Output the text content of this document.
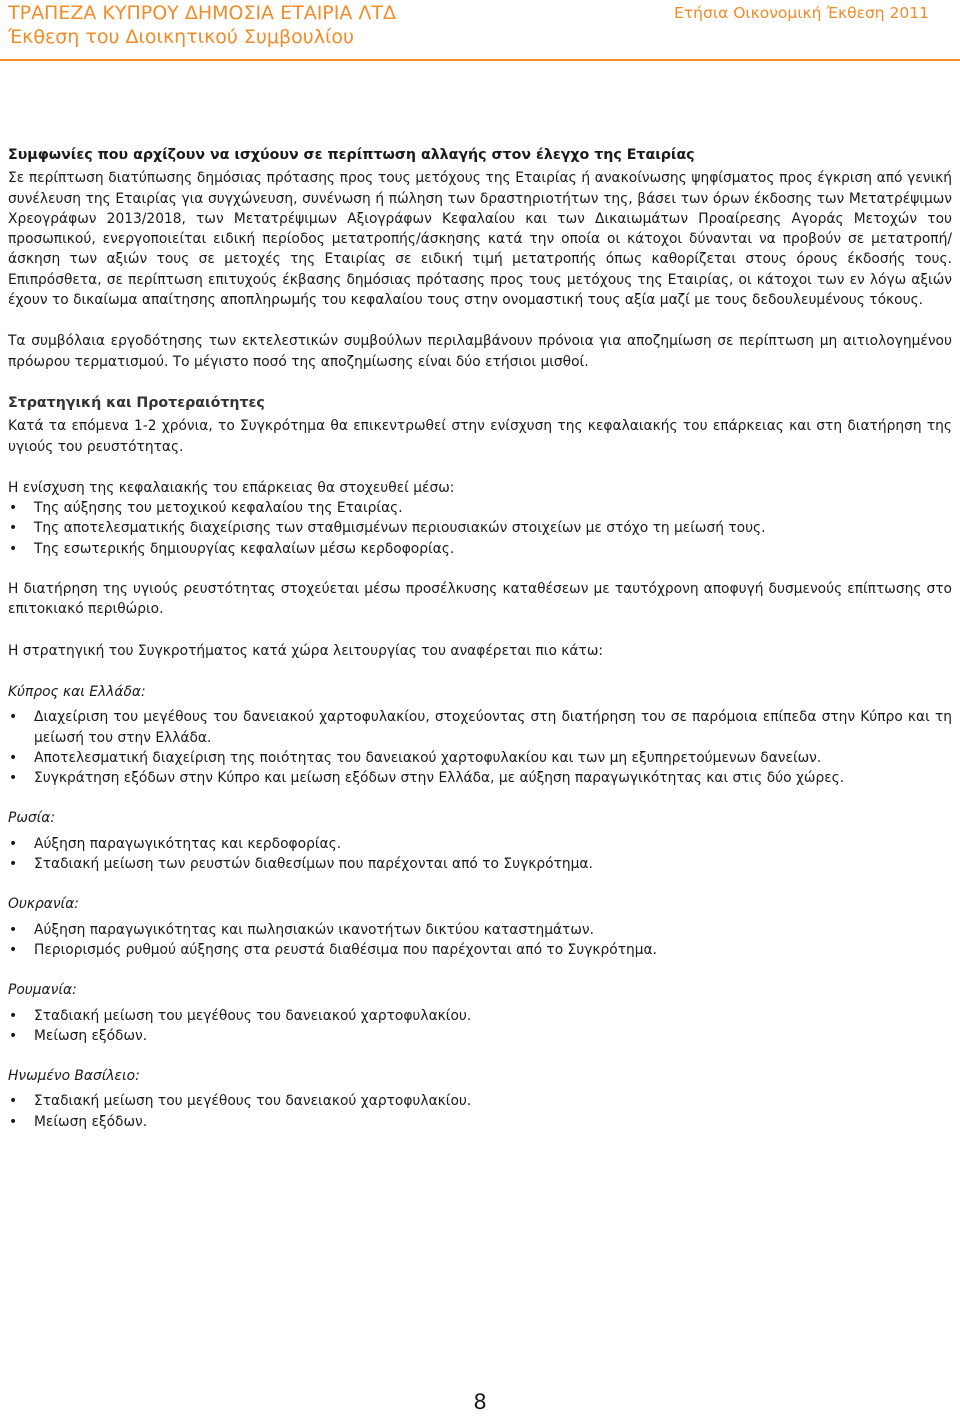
ΤΡΑΠΕΖΑ ΚΥΠΡΟΥ ΔΗΜΟΣΙΑ ΕΤΑΙΡΙΑ ΛΤΔ
Έκθεση του Διοικητικού Συμβουλίου
Ετήσια Οικονομική Έκθεση 2011
Συμφωνίες που αρχίζουν να ισχύουν σε περίπτωση αλλαγής στον έλεγχο της Εταιρίας

Σε περίπτωση διατύπωσης δημόσιας πρότασης προς τους μετόχους της Εταιρίας ή ανακοίνωσης ψηφίσματος προς έγκριση από γενική συνέλευση της Εταιρίας για συγχώνευση, συνένωση ή πώληση των δραστηριοτήτων της, βάσει των όρων έκδοσης των Μετατρέψιμων Χρεογράφων 2013/2018, των Μετατρέψιμων Αξιογράφων Κεφαλαίου και των Δικαιωμάτων Προαίρεσης Αγοράς Μετοχών του προσωπικού, ενεργοποιείται ειδική περίοδος μετατροπής/άσκησης κατά την οποία οι κάτοχοι δύνανται να προβούν σε μετατροπή/άσκηση των αξιών τους σε μετοχές της Εταιρίας σε ειδική τιμή μετατροπής όπως καθορίζεται στους όρους έκδοσής τους. Επιπρόσθετα, σε περίπτωση επιτυχούς έκβασης δημόσιας πρότασης προς τους μετόχους της Εταιρίας, οι κάτοχοι των εν λόγω αξιών έχουν το δικαίωμα απαίτησης αποπληρωμής του κεφαλαίου τους στην ονομαστική τους αξία μαζί με τους δεδουλευμένους τόκους.

Τα συμβόλαια εργοδότησης των εκτελεστικών συμβούλων περιλαμβάνουν πρόνοια για αποζημίωση σε περίπτωση μη αιτιολογημένου πρόωρου τερματισμού. Το μέγιστο ποσό της αποζημίωσης είναι δύο ετήσιοι μισθοί.

Στρατηγική και Προτεραιότητες

Κατά τα επόμενα 1-2 χρόνια, το Συγκρότημα θα επικεντρωθεί στην ενίσχυση της κεφαλαιακής του επάρκειας και στη διατήρηση της υγιούς του ρευστότητας.

Η ενίσχυση της κεφαλαιακής του επάρκειας θα στοχευθεί μέσω:

• Της αύξησης του μετοχικού κεφαλαίου της Εταιρίας.
• Της αποτελεσματικής διαχείρισης των σταθμισμένων περιουσιακών στοιχείων με στόχο τη μείωσή τους.
• Της εσωτερικής δημιουργίας κεφαλαίων μέσω κερδοφορίας.

Η διατήρηση της υγιούς ρευστότητας στοχεύεται μέσω προσέλκυσης καταθέσεων με ταυτόχρονη αποφυγή δυσμενούς επίπτωσης στο επιτοκιακό περιθώριο.

Η στρατηγική του Συγκροτήματος κατά χώρα λειτουργίας του αναφέρεται πιο κάτω:

Κύπρος και Ελλάδα:
• Διαχείριση του μεγέθους του δανειακού χαρτοφυλακίου, στοχεύοντας στη διατήρηση του σε παρόμοια επίπεδα στην Κύπρο και τη μείωσή του στην Ελλάδα.
• Αποτελεσματική διαχείριση της ποιότητας του δανειακού χαρτοφυλακίου και των μη εξυπηρετούμενων δανείων.
• Συγκράτηση εξόδων στην Κύπρο και μείωση εξόδων στην Ελλάδα, με αύξηση παραγωγικότητας και στις δύο χώρες.
Ρωσία:
• Αύξηση παραγωγικότητας και κερδοφορίας.
• Σταδιακή μείωση των ρευστών διαθεσίμων που παρέχονται από το Συγκρότημα.
Ουκρανία:
• Αύξηση παραγωγικότητας και πωλησιακών ικανοτήτων δικτύου καταστημάτων.
• Περιορισμός ρυθμού αύξησης στα ρευστά διαθέσιμα που παρέχονται από το Συγκρότημα.
Ρουμανία:
• Σταδιακή μείωση του μεγέθους του δανειακού χαρτοφυλακίου.
• Μείωση εξόδων.
Ηνωμένο Βασίλειο:
• Σταδιακή μείωση του μεγέθους του δανειακού χαρτοφυλακίου.
• Μείωση εξόδων.
8
